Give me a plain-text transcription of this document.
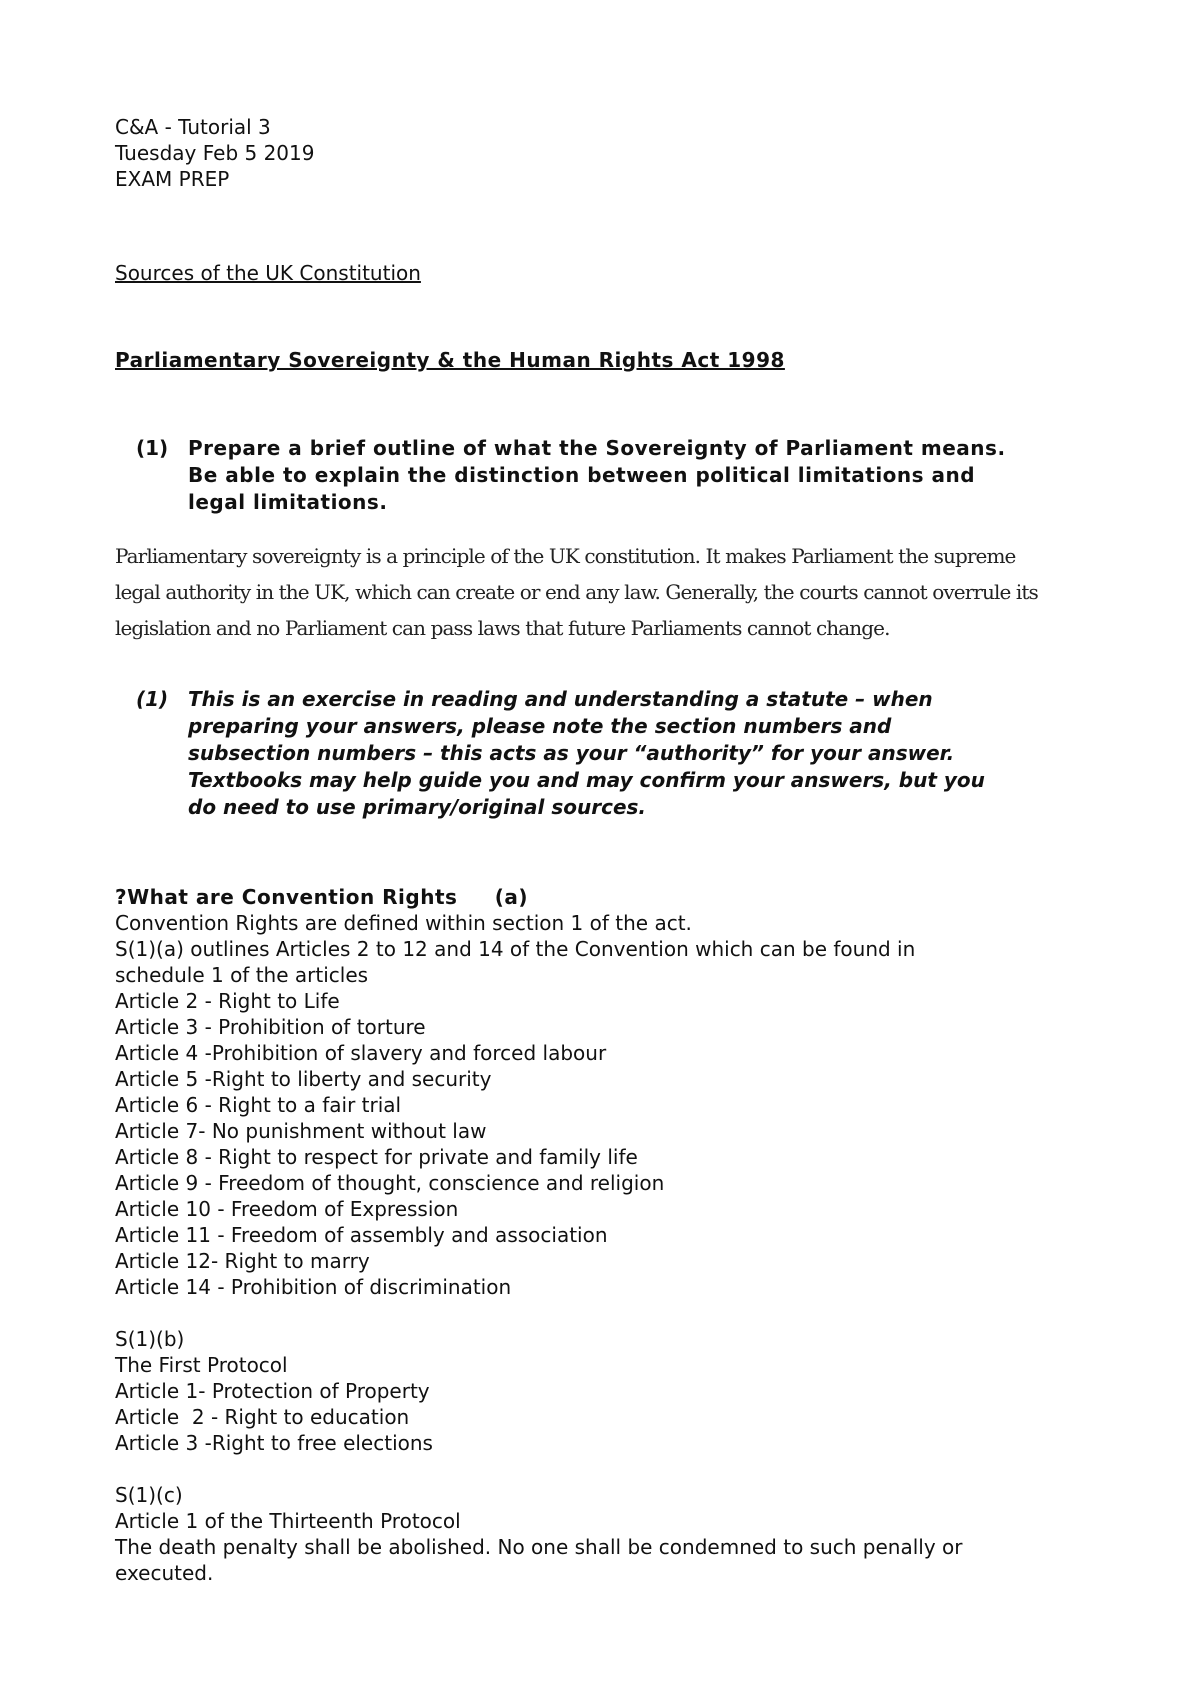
C&A - Tutorial 3
Tuesday Feb 5 2019
EXAM PREP
Sources of the UK Constitution
Parliamentary Sovereignty & the Human Rights Act 1998
(1) Prepare a brief outline of what the Sovereignty of Parliament means.
Be able to explain the distinction between political limitations and
legal limitations.
Parliamentary sovereignty is a principle of the UK constitution. It makes Parliament the supreme
legal authority in the UK, which can create or end any law. Generally, the courts cannot overrule its
legislation and no Parliament can pass laws that future Parliaments cannot change.
(1) This is an exercise in reading and understanding a statute – when
preparing your answers, please note the section numbers and
subsection numbers – this acts as your “authority” for your answer.
Textbooks may help guide you and may confirm your answers, but you
do need to use primary/original sources.
?What are Convention Rights     (a)
Convention Rights are defined within section 1 of the act.
S(1)(a) outlines Articles 2 to 12 and 14 of the Convention which can be found in
schedule 1 of the articles
Article 2 - Right to Life
Article 3 - Prohibition of torture
Article 4 -Prohibition of slavery and forced labour
Article 5 -Right to liberty and security
Article 6 - Right to a fair trial
Article 7- No punishment without law
Article 8 - Right to respect for private and family life
Article 9 - Freedom of thought, conscience and religion
Article 10 - Freedom of Expression
Article 11 - Freedom of assembly and association
Article 12- Right to marry
Article 14 - Prohibition of discrimination
S(1)(b)
The First Protocol
Article 1- Protection of Property
Article  2 - Right to education
Article 3 -Right to free elections
S(1)(c)
Article 1 of the Thirteenth Protocol
The death penalty shall be abolished. No one shall be condemned to such penally or
executed.
